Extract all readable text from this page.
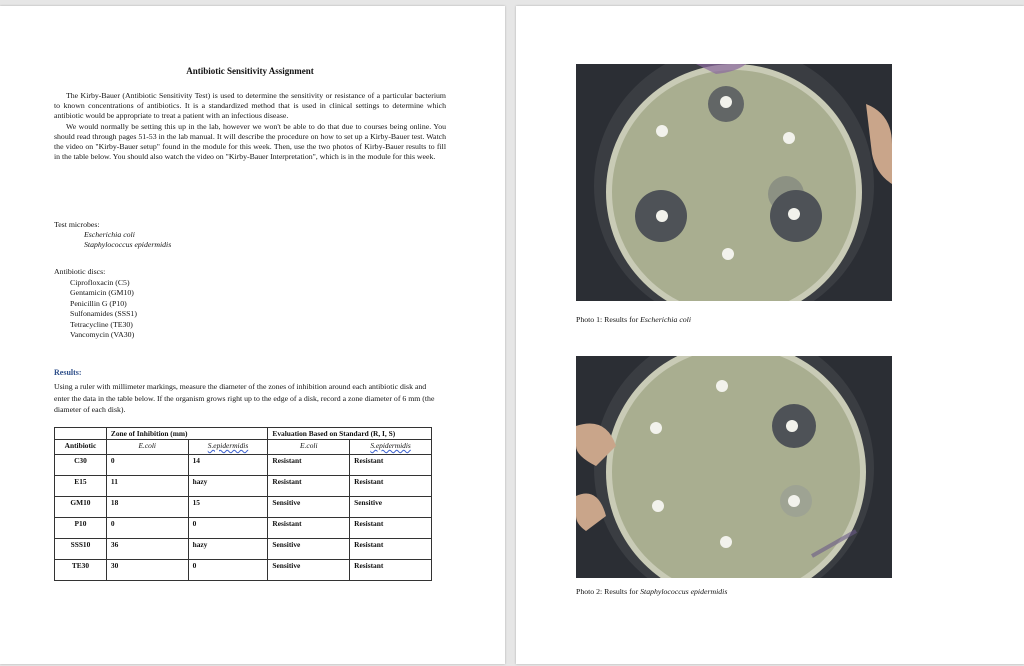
Antibiotic Sensitivity Assignment

The Kirby-Bauer (Antibiotic Sensitivity Test) is used to determine the sensitivity or resistance of a particular bacterium to known concentrations of antibiotics. It is a standardized method that is used in clinical settings to determine which antibiotic would be appropriate to treat a patient with an infectious disease.

We would normally be setting this up in the lab, however we won't be able to do that due to courses being online. You should read through pages 51-53 in the lab manual. It will describe the procedure on how to set up a Kirby-Bauer test. Watch the video on "Kirby-Bauer setup" found in the module for this week. Then, use the two photos of Kirby-Bauer results to fill in the table below. You should also watch the video on "Kirby-Bauer Interpretation", which is in the module for this week.

Test microbes:
Escherichia coli
Staphylococcus epidermidis
Antibiotic discs:
Ciprofloxacin (C5)
Gentamicin (GM10)
Penicillin G (P10)
Sulfonamides (SSS1)
Tetracycline (TE30)
Vancomycin (VA30)
Results:
Using a ruler with millimeter markings, measure the diameter of the zones of inhibition around each antibiotic disk and enter the data in the table below. If the organism grows right up to the edge of a disk, record a zone diameter of 6 mm (the diameter of each disk).
	Zone of Inhibition (mm)		Evaluation Based on Standard (R, I, S)	
Antibiotic	E.coli	S.epidermidis	E.coli	S.epidermidis
C30	0	14	Resistant	Resistant
E15	11	hazy	Resistant	Resistant
GM10	18	15	Sensitive	Sensitive
P10	0	0	Resistant	Resistant
SSS10	36	hazy	Sensitive	Resistant
TE30	30	0	Sensitive	Resistant
Photo 1: Results for Escherichia coli
Photo 2: Results for Staphylococcus epidermidis
